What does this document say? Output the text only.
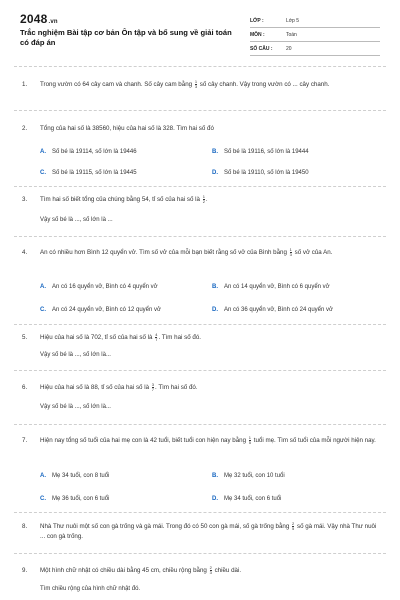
2048.vn
Trắc nghiệm Bài tập cơ bản Ôn tập và bổ sung về giải toán có đáp án
LỚP :	Lớp 5
MÔN :	Toán
SỐ CÂU :	20
1. Trong vườn có 64 cây cam và chanh. Số cây cam bằng $\frac{1}{3}$ số cây chanh. Vậy trong vườn có ... cây chanh.
2. Tổng của hai số là 38560, hiệu của hai số là 328. Tìm hai số đó
A. Số bé là 19114, số lớn là 19446	B. Số bé là 19116, số lớn là 19444
C. Số bé là 19115, số lớn là 19445	D. Số bé là 19110, số lớn là 19450
3. Tìm hai số biết tổng của chúng bằng 54, tỉ số của hai số là $\frac{1}{2}$ .
Vậy số bé là ..., số lớn là ...
4. An có nhiều hơn Bình 12 quyển vở. Tìm số vở của mỗi bạn biết rằng số vở của Bình bằng $\frac{1}{3}$ số vở của An.
A. An có 16 quyển vở, Bình có 4 quyển vở	B. An có 14 quyển vở, Bình có 6 quyển vở
C. An có 24 quyển vở, Bình có 12 quyển vở	D. An có 36 quyển vở, Bình có 24 quyển vở
5. Hiệu của hai số là 702, tỉ số của hai số là $\frac{4}{7}$ . Tìm hai số đó.
Vậy số bé là ..., số lớn là...
6. Hiệu của hai số là 88, tỉ số của hai số là $\frac{3}{7}$ . Tìm hai số đó.
Vậy số bé là ..., số lớn là...
7. Hiện nay tổng số tuổi của hai mẹ con là 42 tuổi, biết tuổi con hiện nay bằng $\frac{1}{5}$ tuổi mẹ. Tìm số tuổi của mỗi người hiện nay.
A. Mẹ 34 tuổi, con 8 tuổi	B. Mẹ 32 tuổi, con 10 tuổi
C. Mẹ 36 tuổi, con 6 tuổi	D. Mẹ 34 tuổi, con 6 tuổi
8. Nhà Thư nuôi một số con gà trống và gà mái. Trong đó có 50 con gà mái, số gà trống bằng $\frac{2}{5}$ số gà mái. Vậy nhà Thư nuôi ... con gà trống.
9. Một hình chữ nhật có chiều dài bằng 45 cm, chiều rộng bằng $\frac{2}{3}$ chiều dài.
Tìm chiều rộng của hình chữ nhật đó.
